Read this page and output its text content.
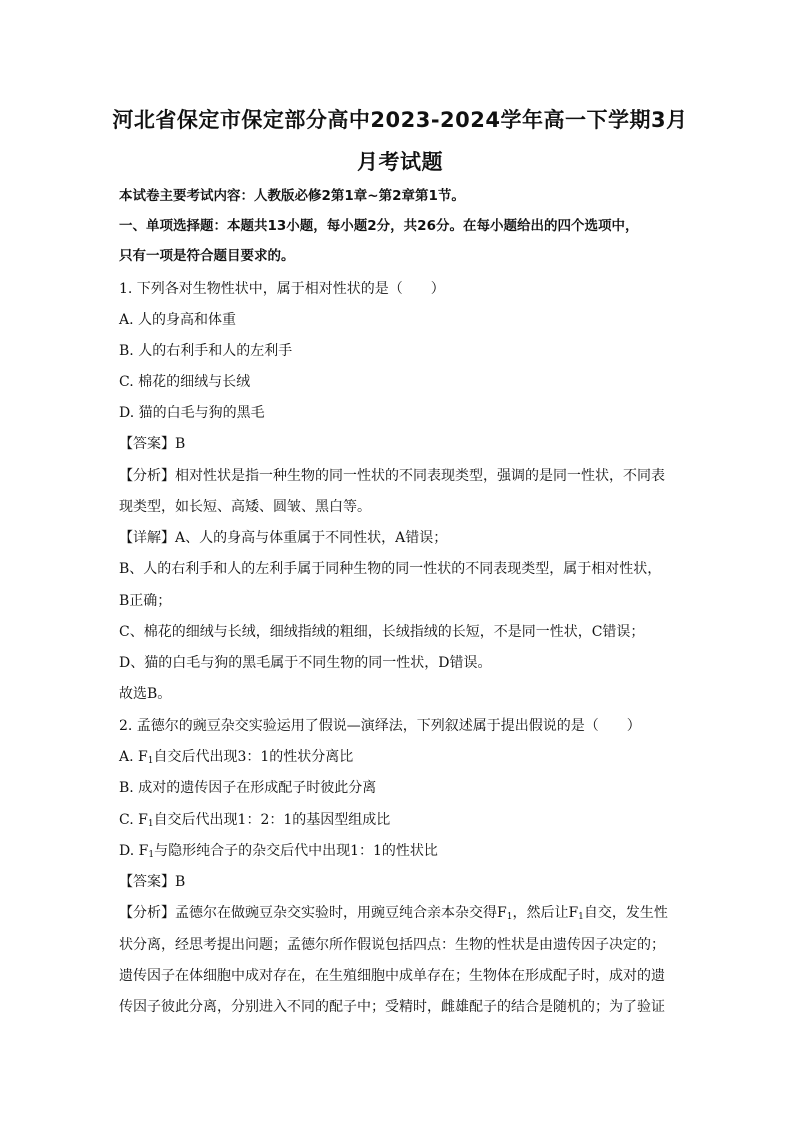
河北省保定市保定部分高中2023-2024学年高一下学期3月
月考试题
本试卷主要考试内容：人教版必修2第1章~第2章第1节。
一、单项选择题：本题共13小题，每小题2分，共26分。在每小题给出的四个选项中，
只有一项是符合题目要求的。
1. 下列各对生物性状中，属于相对性状的是（　　）
A. 人的身高和体重
B. 人的右利手和人的左利手
C. 棉花的细绒与长绒
D. 猫的白毛与狗的黑毛
【答案】B
【分析】相对性状是指一种生物的同一性状的不同表现类型，强调的是同一性状，不同表
现类型，如长短、高矮、圆皱、黑白等。
【详解】A、人的身高与体重属于不同性状，A错误；
B、人的右利手和人的左利手属于同种生物的同一性状的不同表现类型，属于相对性状，
B正确；
C、棉花的细绒与长绒，细绒指绒的粗细，长绒指绒的长短，不是同一性状，C错误；
D、猫的白毛与狗的黑毛属于不同生物的同一性状，D错误。
故选B。
2. 孟德尔的豌豆杂交实验运用了假说—演绎法，下列叙述属于提出假说的是（　　）
A. $F_1$自交后代出现3：1的性状分离比
B. 成对的遗传因子在形成配子时彼此分离
C. $F_1$自交后代出现1：2：1的基因型组成比
D. $F_1$与隐形纯合子的杂交后代中出现1：1的性状比
【答案】B
【分析】孟德尔在做豌豆杂交实验时，用豌豆纯合亲本杂交得$F_1$，然后让$F_1$自交，发生性
状分离，经思考提出问题；孟德尔所作假说包括四点：生物的性状是由遗传因子决定的；
遗传因子在体细胞中成对存在，在生殖细胞中成单存在；生物体在形成配子时，成对的遗
传因子彼此分离，分别进入不同的配子中；受精时，雌雄配子的结合是随机的；为了验证
